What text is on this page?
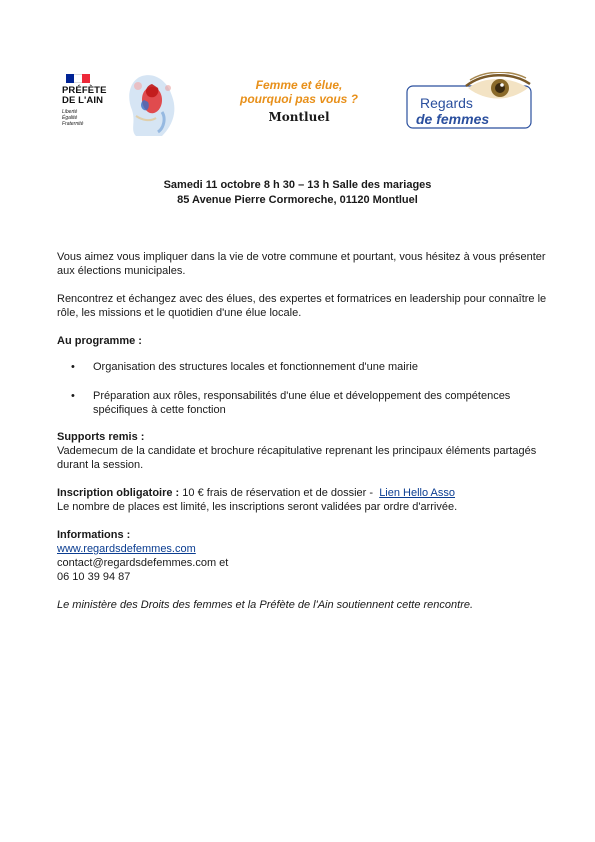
PRÉFÈTE
DE L'AIN
Liberté Égalité Fraternité
Femme et élue,
pourquoi pas vous ?
Montluel
Regards
de femmes
Samedi 11 octobre 8 h 30 – 13 h Salle des mariages
85 Avenue Pierre Cormoreche, 01120 Montluel

Vous aimez vous impliquer dans la vie de votre commune et pourtant, vous hésitez à vous présenter aux élections municipales.

Rencontrez et échangez avec des élues, des expertes et formatrices en leadership pour connaître le rôle, les missions et le quotidien d'une élue locale.

Au programme :

• Organisation des structures locales et fonctionnement d'une mairie
• Préparation aux rôles, responsabilités d'une élue et développement des compétences spécifiques à cette fonction

Supports remis :

Vademecum de la candidate et brochure récapitulative reprenant les principaux éléments partagés durant la session.

Inscription obligatoire : 10 € frais de réservation et de dossier - Lien Hello Asso

Le nombre de places est limité, les inscriptions seront validées par ordre d'arrivée.

Informations :

www.regardsdefemmes.com

contact@regardsdefemmes.com et

06 10 39 94 87

Le ministère des Droits des femmes et la Préfète de l'Ain soutiennent cette rencontre.
